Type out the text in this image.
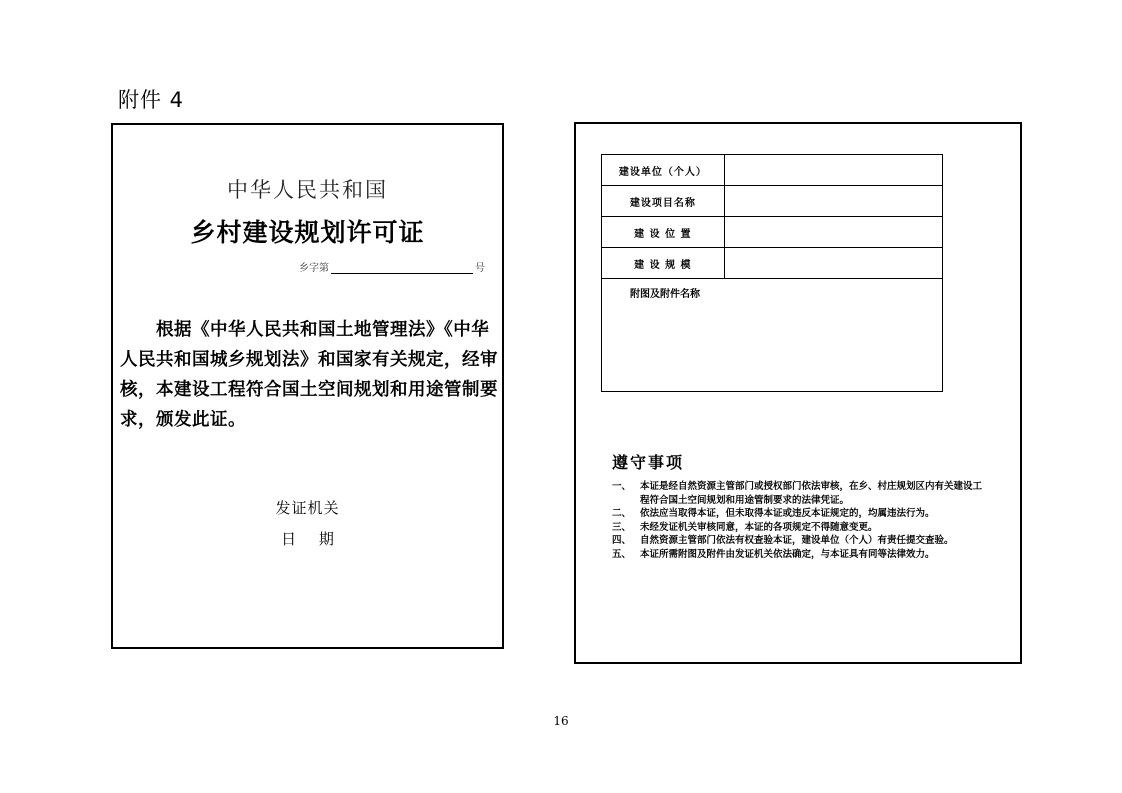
附件 4
中华人民共和国
乡村建设规划许可证
乡字第	号
根据《中华人民共和国土地管理法》《中华人民共和国城乡规划法》和国家有关规定，经审核，本建设工程符合国土空间规划和用途管制要求，颁发此证。
发证机关
日 期
建设单位（个人）	
建设项目名称	
建 设 位 置	
建 设 规 模	
附图及附件名称	
遵守事项
一、 本证是经自然资源主管部门或授权部门依法审核，在乡、村庄规划区内有关建设工程符合国土空间规划和用途管制要求的法律凭证。
二、 依法应当取得本证，但未取得本证或违反本证规定的，均属违法行为。
三、 未经发证机关审核同意，本证的各项规定不得随意变更。
四、 自然资源主管部门依法有权查验本证，建设单位（个人）有责任提交查验。
五、 本证所需附图及附件由发证机关依法确定，与本证具有同等法律效力。
16
